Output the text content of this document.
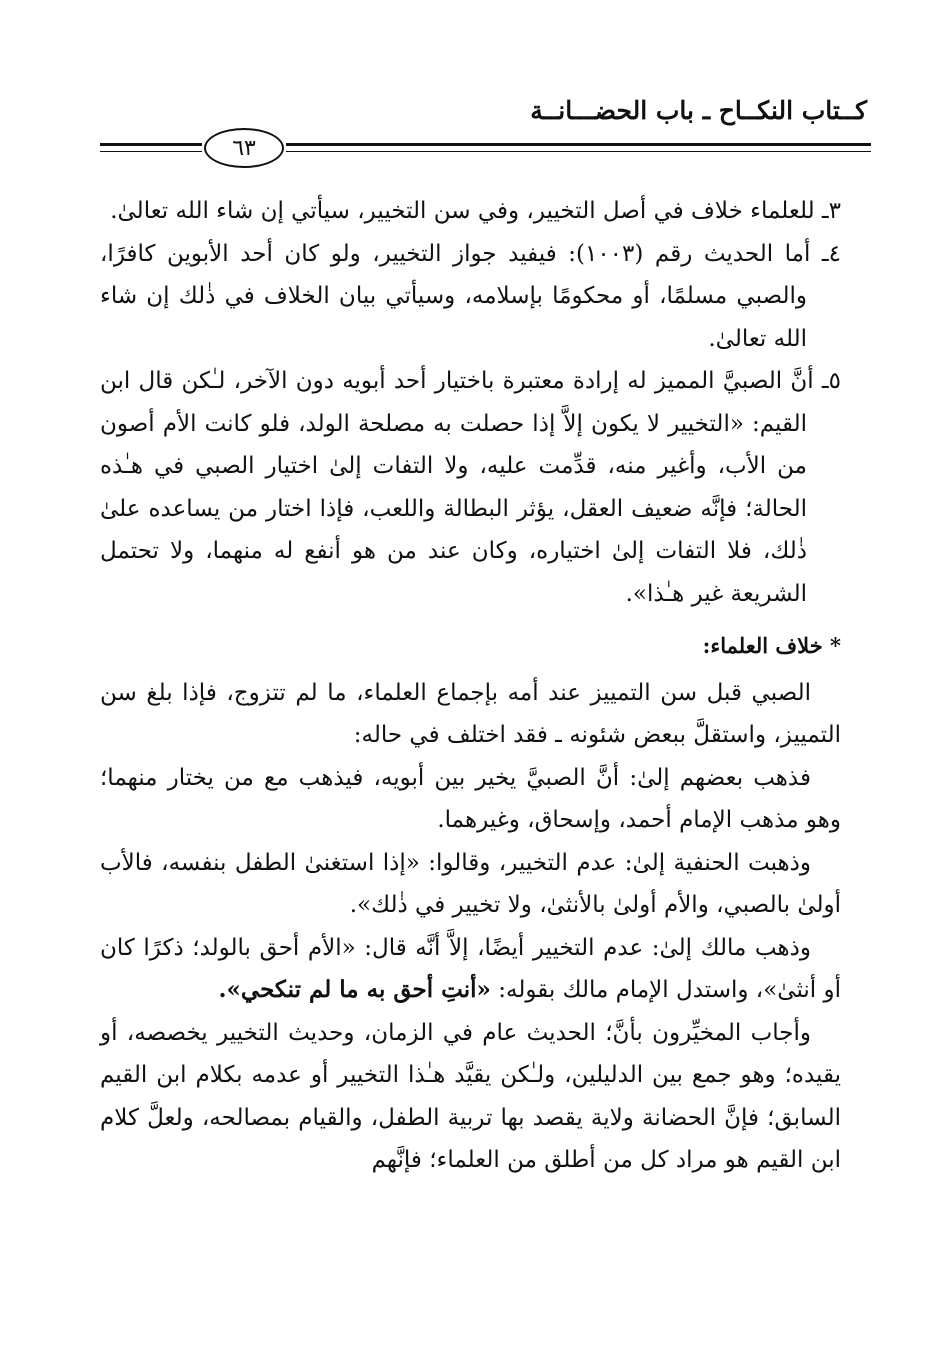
كــتاب النكــاح ـ باب الحضـــانــة
٦٣

٣ـ للعلماء خلاف في أصل التخيير، وفي سن التخيير، سيأتي إن شاء الله تعالىٰ.

٤ـ أما الحديث رقم (١٠٠٣): فيفيد جواز التخيير، ولو كان أحد الأبوين كافرًا، والصبي مسلمًا، أو محكومًا بإسلامه، وسيأتي بيان الخلاف في ذٰلك إن شاء الله تعالىٰ.

٥ـ أنَّ الصبيَّ المميز له إرادة معتبرة باختيار أحد أبويه دون الآخر، لـٰكن قال ابن القيم: «التخيير لا يكون إلاَّ إذا حصلت به مصلحة الولد، فلو كانت الأم أصون من الأب، وأغير منه، قدِّمت عليه، ولا التفات إلىٰ اختيار الصبي في هـٰذه الحالة؛ فإنَّه ضعيف العقل، يؤثر البطالة واللعب، فإذا اختار من يساعده علىٰ ذٰلك، فلا التفات إلىٰ اختياره، وكان عند من هو أنفع له منهما، ولا تحتمل الشريعة غير هـٰذا».

* خلاف العلماء:

الصبي قبل سن التمييز عند أمه بإجماع العلماء، ما لم تتزوج، فإذا بلغ سن التمييز، واستقلَّ ببعض شئونه ـ فقد اختلف في حاله:

فذهب بعضهم إلىٰ: أنَّ الصبيَّ يخير بين أبويه، فيذهب مع من يختار منهما؛ وهو مذهب الإمام أحمد، وإسحاق، وغيرهما.

وذهبت الحنفية إلىٰ: عدم التخيير، وقالوا: «إذا استغنىٰ الطفل بنفسه، فالأب أولىٰ بالصبي، والأم أولىٰ بالأنثىٰ، ولا تخيير في ذٰلك».

وذهب مالك إلىٰ: عدم التخيير أيضًا، إلاَّ أنَّه قال: «الأم أحق بالولد؛ ذكرًا كان أو أنثىٰ»، واستدل الإمام مالك بقوله: «أنتِ أحق به ما لم تنكحي».

وأجاب المخيِّرون بأنَّ؛ الحديث عام في الزمان، وحديث التخيير يخصصه، أو يقيده؛ وهو جمع بين الدليلين، ولـٰكن يقيَّد هـٰذا التخيير أو عدمه بكلام ابن القيم السابق؛ فإنَّ الحضانة ولاية يقصد بها تربية الطفل، والقيام بمصالحه، ولعلَّ كلام ابن القيم هو مراد كل من أطلق من العلماء؛ فإنَّهم
